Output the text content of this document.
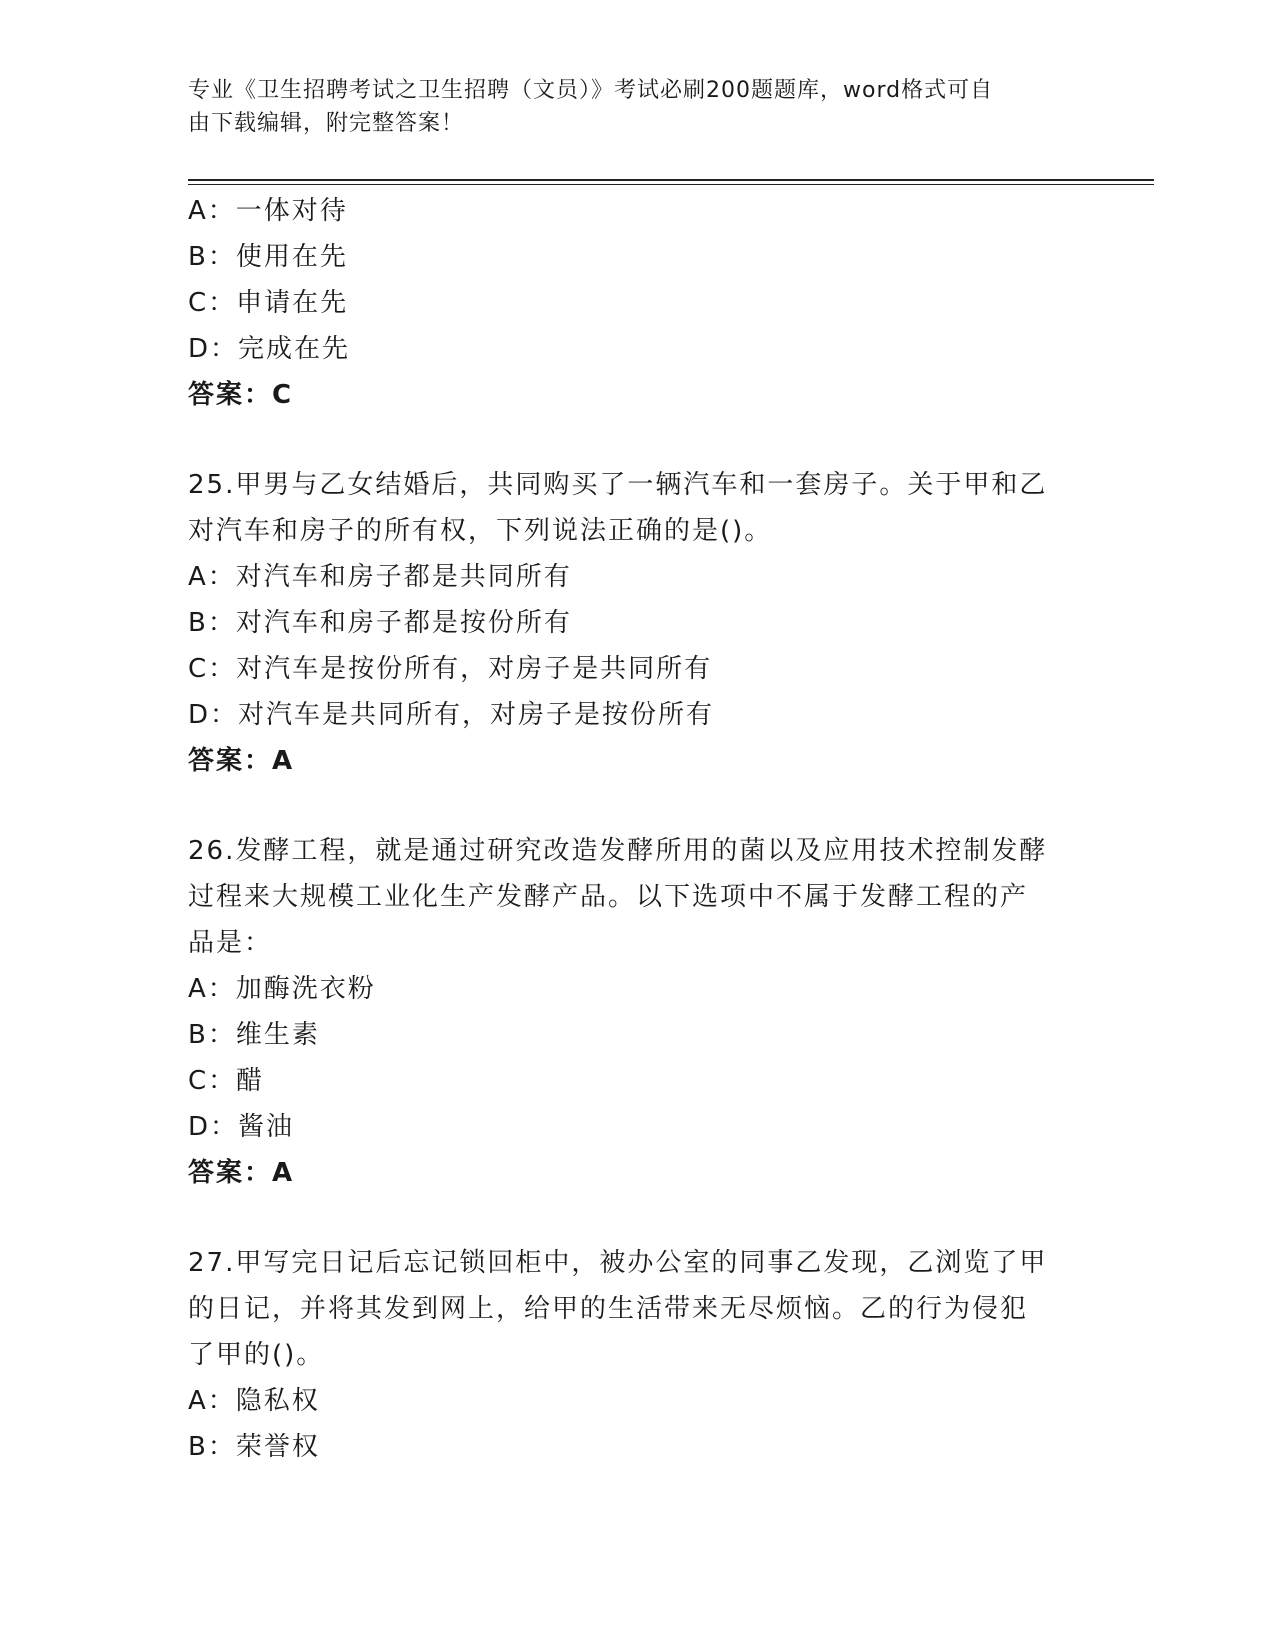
专业《卫生招聘考试之卫生招聘（文员）》考试必刷200题题库，word格式可自
由下载编辑，附完整答案！
A：一体对待
B：使用在先
C：申请在先
D：完成在先
答案：C
25.甲男与乙女结婚后，共同购买了一辆汽车和一套房子。关于甲和乙
对汽车和房子的所有权，下列说法正确的是()。
A：对汽车和房子都是共同所有
B：对汽车和房子都是按份所有
C：对汽车是按份所有，对房子是共同所有
D：对汽车是共同所有，对房子是按份所有
答案：A
26.发酵工程，就是通过研究改造发酵所用的菌以及应用技术控制发酵
过程来大规模工业化生产发酵产品。以下选项中不属于发酵工程的产
品是：
A：加酶洗衣粉
B：维生素
C：醋
D：酱油
答案：A
27.甲写完日记后忘记锁回柜中，被办公室的同事乙发现，乙浏览了甲
的日记，并将其发到网上，给甲的生活带来无尽烦恼。乙的行为侵犯
了甲的()。
A：隐私权
B：荣誉权
